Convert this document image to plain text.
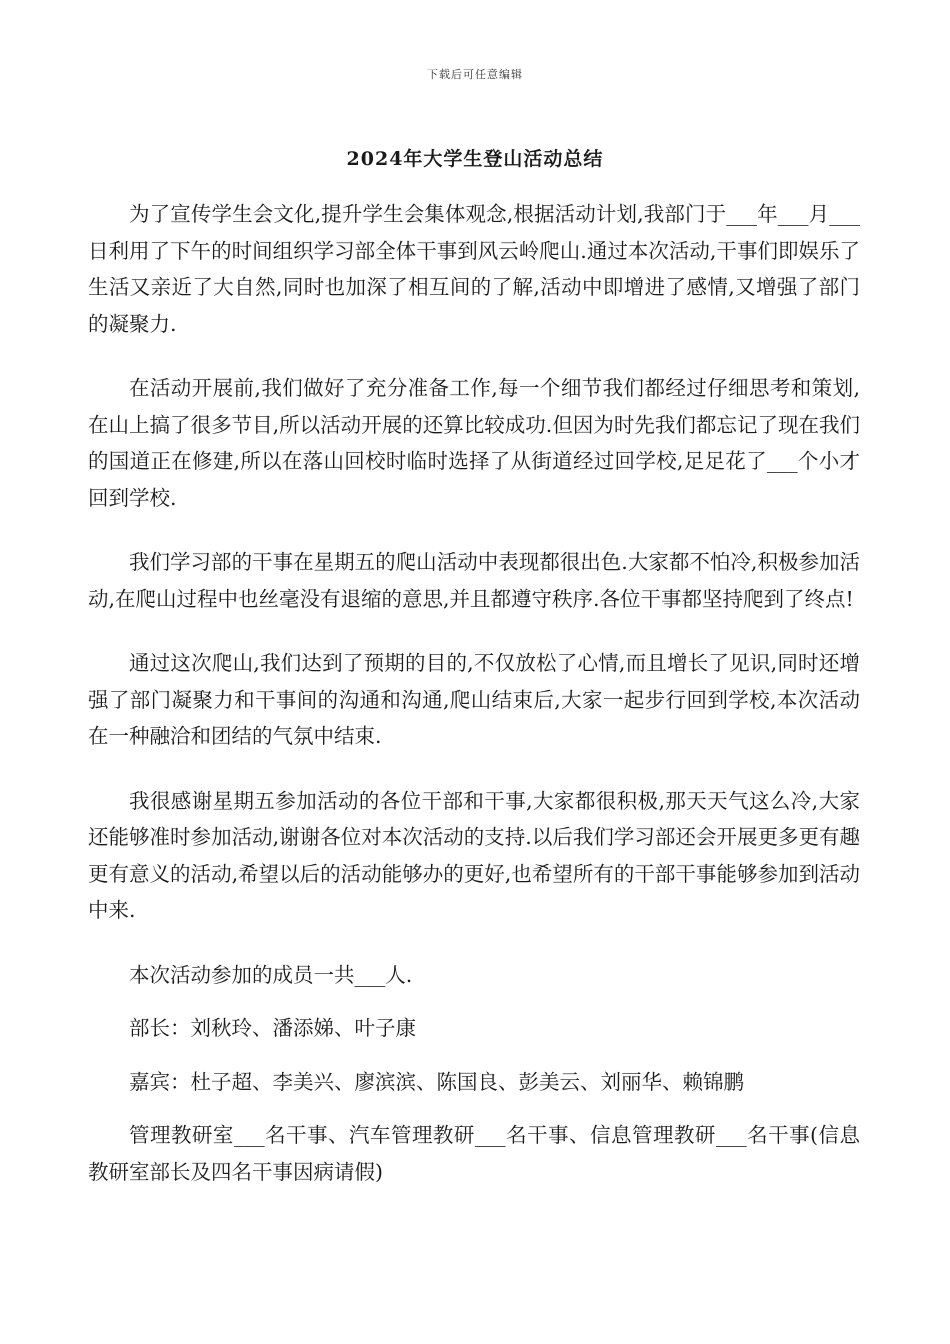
下载后可任意编辑
2024年大学生登山活动总结

为了宣传学生会文化,提升学生会集体观念,根据活动计划,我部门于___年___月___日利用了下午的时间组织学习部全体干事到风云岭爬山.通过本次活动,干事们即娱乐了生活又亲近了大自然,同时也加深了相互间的了解,活动中即增进了感情,又增强了部门的凝聚力.

在活动开展前,我们做好了充分准备工作,每一个细节我们都经过仔细思考和策划,在山上搞了很多节目,所以活动开展的还算比较成功.但因为时先我们都忘记了现在我们的国道正在修建,所以在落山回校时临时选择了从街道经过回学校,足足花了___个小才回到学校.

我们学习部的干事在星期五的爬山活动中表现都很出色.大家都不怕冷,积极参加活动,在爬山过程中也丝毫没有退缩的意思,并且都遵守秩序.各位干事都坚持爬到了终点!

通过这次爬山,我们达到了预期的目的,不仅放松了心情,而且增长了见识,同时还增强了部门凝聚力和干事间的沟通和沟通,爬山结束后,大家一起步行回到学校,本次活动在一种融洽和团结的气氛中结束.

我很感谢星期五参加活动的各位干部和干事,大家都很积极,那天天气这么冷,大家还能够准时参加活动,谢谢各位对本次活动的支持.以后我们学习部还会开展更多更有趣更有意义的活动,希望以后的活动能够办的更好,也希望所有的干部干事能够参加到活动中来.

本次活动参加的成员一共___人.

部长：刘秋玲、潘添娣、叶子康

嘉宾：杜子超、李美兴、廖滨滨、陈国良、彭美云、刘丽华、赖锦鹏

管理教研室___名干事、汽车管理教研___名干事、信息管理教研___名干事(信息教研室部长及四名干事因病请假)
